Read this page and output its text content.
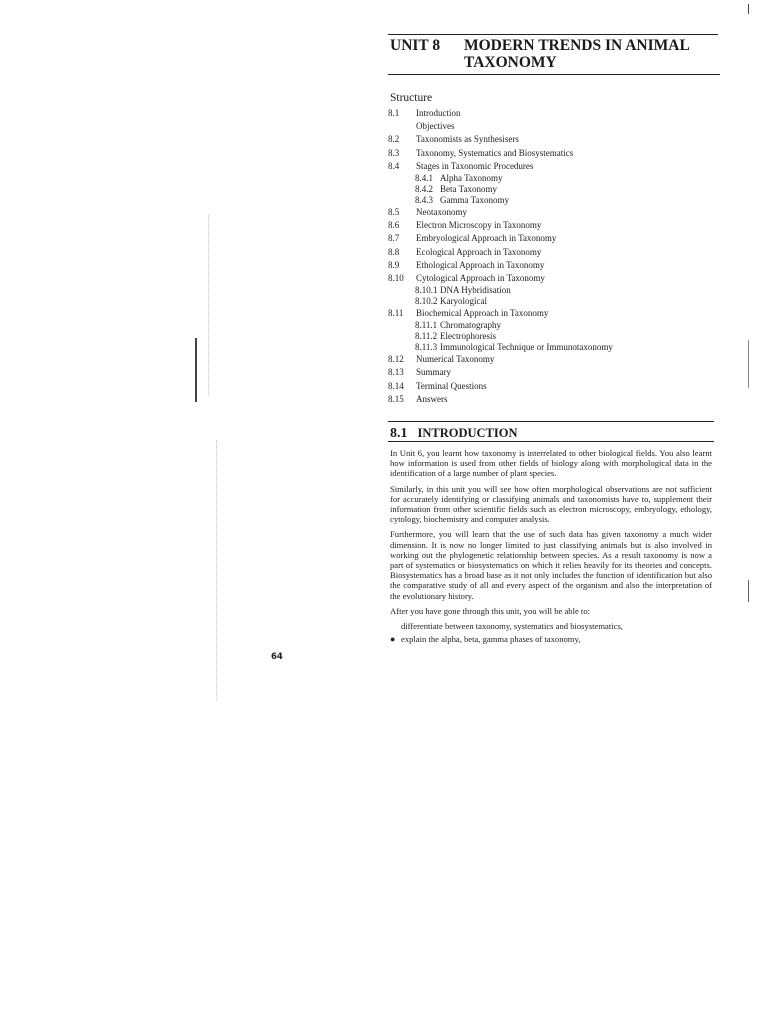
UNIT 8 MODERN TRENDS IN ANIMAL TAXONOMY
Structure
8.1 Introduction
Objectives
8.2 Taxonomists as Synthesisers
8.3 Taxonomy, Systematics and Biosystematics
8.4 Stages in Taxonomic Procedures
8.4.1 Alpha Taxonomy
8.4.2 Beta Taxonomy
8.4.3 Gamma Taxonomy
8.5 Neotaxonomy
8.6 Electron Microscopy in Taxonomy
8.7 Embryological Approach in Taxonomy
8.8 Ecological Approach in Taxonomy
8.9 Ethological Approach in Taxonomy
8.10 Cytological Approach in Taxonomy
8.10.1 DNA Hybridisation
8.10.2 Karyological
8.11 Biochemical Approach in Taxonomy
8.11.1 Chromatography
8.11.2 Electrophoresis
8.11.3 Immunological Technique or Immunotaxonomy
8.12 Numerical Taxonomy
8.13 Summary
8.14 Terminal Questions
8.15 Answers
8.1 INTRODUCTION

In Unit 6, you learnt how taxonomy is interrelated to other biological fields. You also learnt how information is used from other fields of biology along with morphological data in the identification of a large number of plant species.

Similarly, in this unit you will see how often morphological observations are not sufficient for accurately identifying or classifying animals and taxonomists have to, supplement their information from other scientific fields such as electron microscopy, embryology, ethology, cytology, biochemistry and computer analysis.

Furthermore, you will learn that the use of such data has given taxonomy a much wider dimension. It is now no longer limited to just classifying animals but is also involved in working out the phylogenetic relationship between species. As a result taxonomy is now a part of systematics or biosystematics on which it relies heavily for its theories and concepts. Biosystematics has a broad base as it not only includes the function of identification but also the comparative study of all and every aspect of the organism and also the interpretation of the evolutionary history.

After you have gone through this unit, you will be able to:

differentiate between taxonomy, systematics and biosystematics,
● explain the alpha, beta, gamma phases of taxonomy,
64
